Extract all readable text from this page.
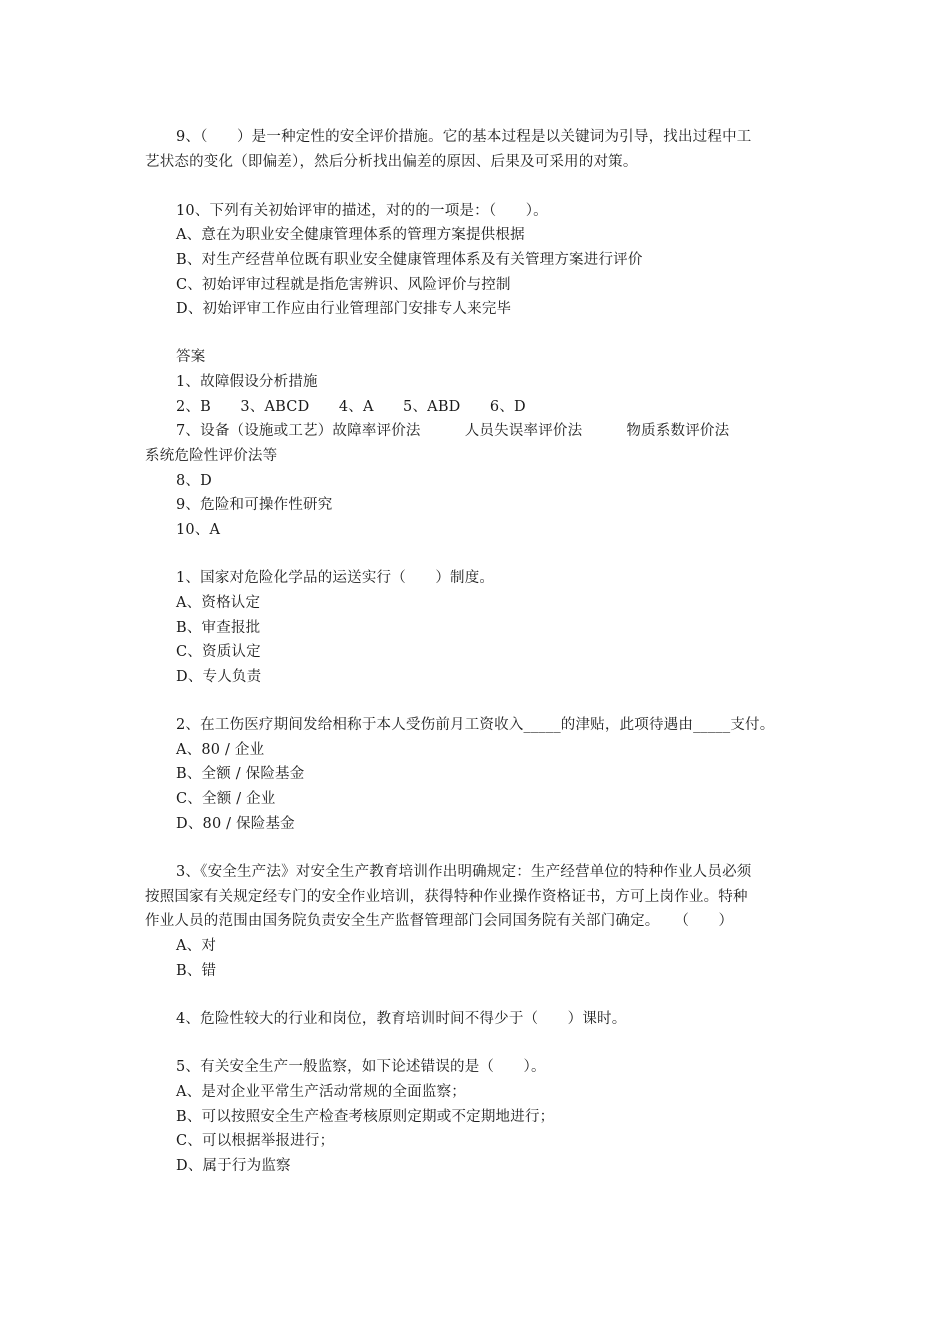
9、（　　）是一种定性的安全评价措施。它的基本过程是以关键词为引导，找出过程中工
艺状态的变化（即偏差），然后分析找出偏差的原因、后果及可采用的对策。
10、下列有关初始评审的描述，对的的一项是：（　　）。
A、意在为职业安全健康管理体系的管理方案提供根据
B、对生产经营单位既有职业安全健康管理体系及有关管理方案进行评价
C、初始评审过程就是指危害辨识、风险评价与控制
D、初始评审工作应由行业管理部门安排专人来完毕
答案
1、故障假设分析措施
2、B　　3、ABCD　　4、A　　5、ABD　　6、D
7、设备（设施或工艺）故障率评价法　　　人员失误率评价法　　　物质系数评价法
系统危险性评价法等
8、D
9、危险和可操作性研究
10、A
1、国家对危险化学品的运送实行（　　）制度。
A、资格认定
B、审查报批
C、资质认定
D、专人负责
2、在工伤医疗期间发给相称于本人受伤前月工资收入_____的津贴，此项待遇由_____支付。
A、80 / 企业
B、全额 / 保险基金
C、全额 / 企业
D、80 / 保险基金
3、《安全生产法》对安全生产教育培训作出明确规定：生产经营单位的特种作业人员必须
按照国家有关规定经专门的安全作业培训，获得特种作业操作资格证书，方可上岗作业。特种
作业人员的范围由国务院负责安全生产监督管理部门会同国务院有关部门确定。　　（　　）
A、对
B、错
4、危险性较大的行业和岗位，教育培训时间不得少于（　　）课时。
5、有关安全生产一般监察，如下论述错误的是（　　）。
A、是对企业平常生产活动常规的全面监察；
B、可以按照安全生产检查考核原则定期或不定期地进行；
C、可以根据举报进行；
D、属于行为监察
